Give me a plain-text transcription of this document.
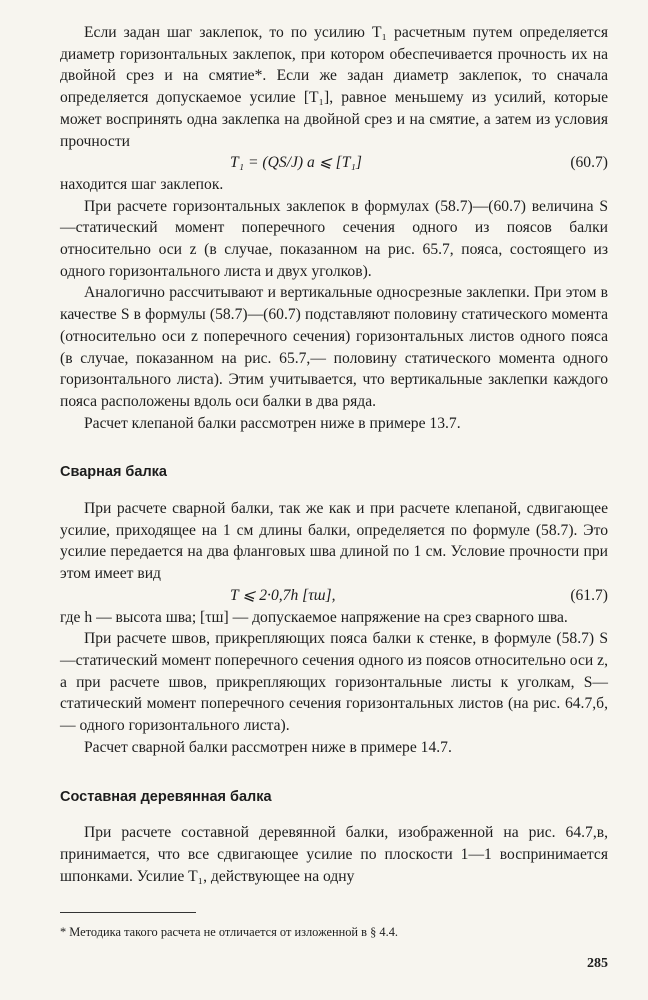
Если задан шаг заклепок, то по усилию T₁ расчетным путем определяется диаметр горизонтальных заклепок, при котором обеспечивается прочность их на двойной срез и на смятие*. Если же задан диаметр заклепок, то сначала определяется допускаемое усилие [T₁], равное меньшему из усилий, которые может воспринять одна заклепка на двойной срез и на смятие, а затем из условия прочности

T₁ = (QS/J) a ⩽ [T₁]	(60.7)

находится шаг заклепок.

При расчете горизонтальных заклепок в формулах (58.7)—(60.7) величина S—статический момент поперечного сечения одного из поясов балки относительно оси z (в случае, показанном на рис. 65.7, пояса, состоящего из одного горизонтального листа и двух уголков).

Аналогично рассчитывают и вертикальные односрезные заклепки. При этом в качестве S в формулы (58.7)—(60.7) подставляют половину статического момента (относительно оси z поперечного сечения) горизонтальных листов одного пояса (в случае, показанном на рис. 65.7,— половину статического момента одного горизонтального листа). Этим учитывается, что вертикальные заклепки каждого пояса расположены вдоль оси балки в два ряда.

Расчет клепаной балки рассмотрен ниже в примере 13.7.

Сварная балка

При расчете сварной балки, так же как и при расчете клепаной, сдвигающее усилие, приходящее на 1 см длины балки, определяется по формуле (58.7). Это усилие передается на два фланговых шва длиной по 1 см. Условие прочности при этом имеет вид

T ⩽ 2·0,7h [τш],	(61.7)

где h — высота шва; [τш] — допускаемое напряжение на срез сварного шва.

При расчете швов, прикрепляющих пояса балки к стенке, в формуле (58.7) S—статический момент поперечного сечения одного из поясов относительно оси z, а при расчете швов, прикрепляющих горизонтальные листы к уголкам, S—статический момент поперечного сечения горизонтальных листов (на рис. 64.7,б,— одного горизонтального листа).

Расчет сварной балки рассмотрен ниже в примере 14.7.

Составная деревянная балка

При расчете составной деревянной балки, изображенной на рис. 64.7,в, принимается, что все сдвигающее усилие по плоскости 1—1 воспринимается шпонками. Усилие T₁, действующее на одну

* Методика такого расчета не отличается от изложенной в § 4.4.
285
